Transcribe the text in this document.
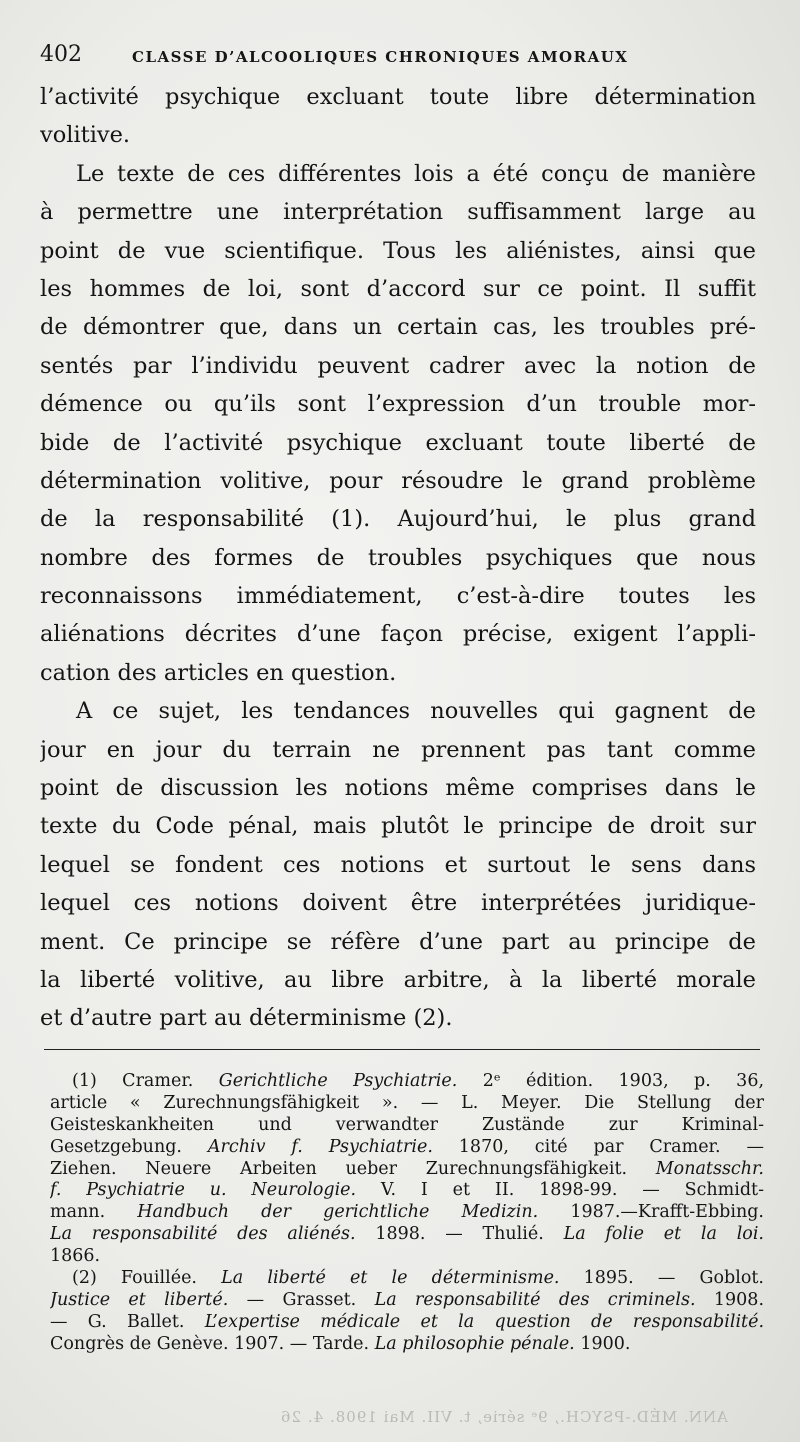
402	CLASSE D’ALCOOLIQUES CHRONIQUES AMORAUX
l’activité psychique excluant toute libre détermination
volitive.
Le texte de ces différentes lois a été conçu de manière
à permettre une interprétation suffisamment large au
point de vue scientifique. Tous les aliénistes, ainsi que
les hommes de loi, sont d’accord sur ce point. Il suffit
de démontrer que, dans un certain cas, les troubles pré-
sentés par l’individu peuvent cadrer avec la notion de
démence ou qu’ils sont l’expression d’un trouble mor-
bide de l’activité psychique excluant toute liberté de
détermination volitive, pour résoudre le grand problème
de la responsabilité (1). Aujourd’hui, le plus grand
nombre des formes de troubles psychiques que nous
reconnaissons immédiatement, c’est-à-dire toutes les
aliénations décrites d’une façon précise, exigent l’appli-
cation des articles en question.
A ce sujet, les tendances nouvelles qui gagnent de
jour en jour du terrain ne prennent pas tant comme
point de discussion les notions même comprises dans le
texte du Code pénal, mais plutôt le principe de droit sur
lequel se fondent ces notions et surtout le sens dans
lequel ces notions doivent être interprétées juridique-
ment. Ce principe se réfère d’une part au principe de
la liberté volitive, au libre arbitre, à la liberté morale
et d’autre part au déterminisme (2).
(1) Cramer. Gerichtliche Psychiatrie. 2ᵉ édition. 1903, p. 36,
article « Zurechnungsfähigkeit ». — L. Meyer. Die Stellung der
Geisteskankheiten und verwandter Zustände zur Kriminal-
Gesetzgebung. Archiv f. Psychiatrie. 1870, cité par Cramer. —
Ziehen. Neuere Arbeiten ueber Zurechnungsfähigkeit. Monatsschr.
f. Psychiatrie u. Neurologie. V. I et II. 1898-99. — Schmidt-
mann. Handbuch der gerichtliche Medizin. 1987.—Krafft-Ebbing.
La responsabilité des aliénés. 1898. — Thulié. La folie et la loi.
1866.
(2) Fouillée. La liberté et le déterminisme. 1895. — Goblot.
Justice et liberté. — Grasset. La responsabilité des criminels. 1908.
— G. Ballet. L’expertise médicale et la question de responsabilité.
Congrès de Genève. 1907. — Tarde. La philosophie pénale. 1900.
ANN. MÉD.-PSYCH., 9ᵉ série, t. VII. Mai 1908. 4. 26
